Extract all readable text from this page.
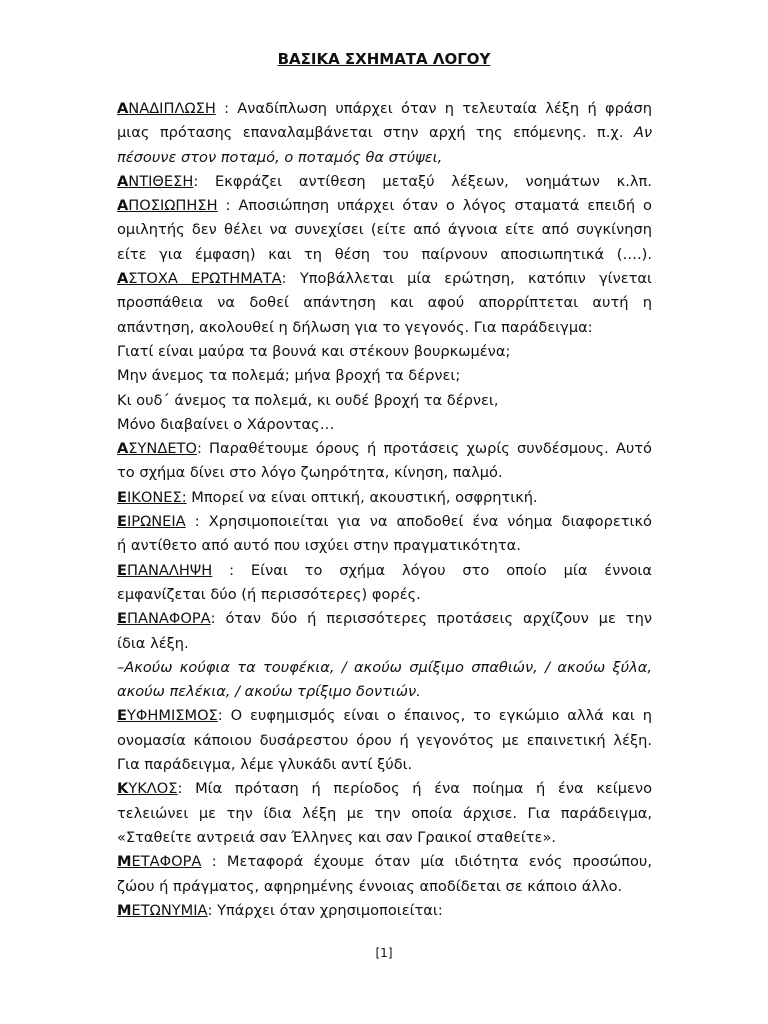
ΒΑΣΙΚΑ ΣΧΗΜΑΤΑ ΛΟΓΟΥ
ΑΝΑΔΙΠΛΩΣΗ : Αναδίπλωση υπάρχει όταν η τελευταία λέξη ή φράση
μιας πρότασης επαναλαμβάνεται στην αρχή της επόμενης. π.χ. Αν
πέσουνε στον ποταμό, ο ποταμός θα στύψει,
ΑΝΤΙΘΕΣΗ: Εκφράζει αντίθεση μεταξύ λέξεων, νοημάτων κ.λπ.
ΑΠΟΣΙΩΠΗΣΗ : Αποσιώπηση υπάρχει όταν ο λόγος σταματά επειδή ο
ομιλητής δεν θέλει να συνεχίσει (είτε από άγνοια είτε από συγκίνηση
είτε για έμφαση) και τη θέση του παίρνουν αποσιωπητικά (….).
ΑΣΤΟΧΑ ΕΡΩΤΗΜΑΤΑ: Υποβάλλεται μία ερώτηση, κατόπιν γίνεται
προσπάθεια να δοθεί απάντηση και αφού απορρίπτεται αυτή η
απάντηση, ακολουθεί η δήλωση για το γεγονός. Για παράδειγμα:
Γιατί είναι μαύρα τα βουνά και στέκουν βουρκωμένα;
Μην άνεμος τα πολεμά; μήνα βροχή τα δέρνει;
Κι ουδ΄ άνεμος τα πολεμά, κι ουδέ βροχή τα δέρνει,
Μόνο διαβαίνει ο Χάροντας…
ΑΣΥΝΔΕΤΟ: Παραθέτουμε όρους ή προτάσεις χωρίς συνδέσμους. Αυτό
το σχήμα δίνει στο λόγο ζωηρότητα, κίνηση, παλμό.
ΕΙΚΟΝΕΣ: Μπορεί να είναι οπτική, ακουστική, οσφρητική.
ΕΙΡΩΝΕΙΑ : Χρησιμοποιείται για να αποδοθεί ένα νόημα διαφορετικό
ή αντίθετο από αυτό που ισχύει στην πραγματικότητα.
ΕΠΑΝΑΛΗΨΗ : Είναι το σχήμα λόγου στο οποίο μία έννοια
εμφανίζεται δύο (ή περισσότερες) φορές.
ΕΠΑΝΑΦΟΡΑ: όταν δύο ή περισσότερες προτάσεις αρχίζουν με την
ίδια λέξη.
–Ακούω κούφια τα τουφέκια, / ακούω σμίξιμο σπαθιών, / ακούω ξύλα,
ακούω πελέκια, / ακούω τρίξιμο δοντιών.
ΕΥΦΗΜΙΣΜΟΣ: Ο ευφημισμός είναι ο έπαινος, το εγκώμιο αλλά και η
ονομασία κάποιου δυσάρεστου όρου ή γεγονότος με επαινετική λέξη.
Για παράδειγμα, λέμε γλυκάδι αντί ξύδι.
ΚΥΚΛΟΣ: Μία πρόταση ή περίοδος ή ένα ποίημα ή ένα κείμενο
τελειώνει με την ίδια λέξη με την οποία άρχισε. Για παράδειγμα,
«Σταθείτε αντρειά σαν Έλληνες και σαν Γραικοί σταθείτε».
ΜΕΤΑΦΟΡΑ : Μεταφορά έχουμε όταν μία ιδιότητα ενός προσώπου,
ζώου ή πράγματος, αφηρημένης έννοιας αποδίδεται σε κάποιο άλλο.
ΜΕΤΩΝΥΜΙΑ: Υπάρχει όταν χρησιμοποιείται:
[1]
